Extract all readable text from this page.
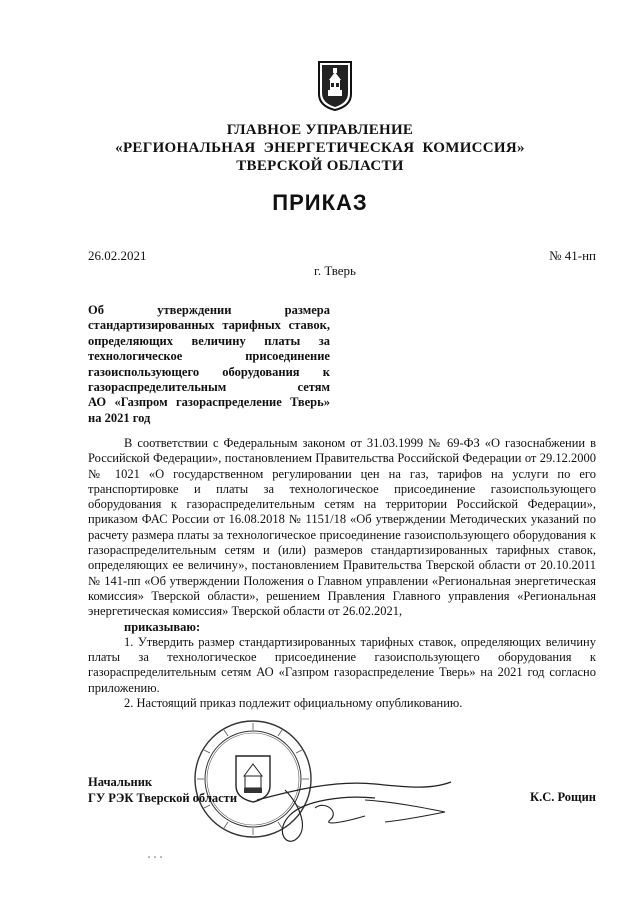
ГЛАВНОЕ УПРАВЛЕНИЕ
«РЕГИОНАЛЬНАЯ ЭНЕРГЕТИЧЕСКАЯ КОМИССИЯ»
ТВЕРСКОЙ ОБЛАСТИ
ПРИКАЗ
26.02.2021	№ 41-нп
г. Тверь
Об утверждении размера
стандартизированных тарифных ставок,
определяющих величину платы за
технологическое присоединение
газоиспользующего оборудования к
газораспределительным сетям
АО «Газпром газораспределение Тверь»
на 2021 год

В соответствии с Федеральным законом от 31.03.1999 № 69-ФЗ «О газоснабжении в Российской Федерации», постановлением Правительства Российской Федерации от 29.12.2000 № 1021 «О государственном регулировании цен на газ, тарифов на услуги по его транспортировке и платы за технологическое присоединение газоиспользующего оборудования к газораспределительным сетям на территории Российской Федерации», приказом ФАС России от 16.08.2018 № 1151/18 «Об утверждении Методических указаний по расчету размера платы за технологическое присоединение газоиспользующего оборудования к газораспределительным сетям и (или) размеров стандартизированных тарифных ставок, определяющих ее величину», постановлением Правительства Тверской области от 20.10.2011 № 141-пп «Об утверждении Положения о Главном управлении «Региональная энергетическая комиссия» Тверской области», решением Правления Главного управления «Региональная энергетическая комиссия» Тверской области от 26.02.2021,

приказываю:

1. Утвердить размер стандартизированных тарифных ставок, определяющих величину платы за технологическое присоединение газоиспользующего оборудования к газораспределительным сетям АО «Газпром газораспределение Тверь» на 2021 год согласно приложению.

2. Настоящий приказ подлежит официальному опубликованию.

Начальник
ГУ РЭК Тверской области	К.С. Рощин
